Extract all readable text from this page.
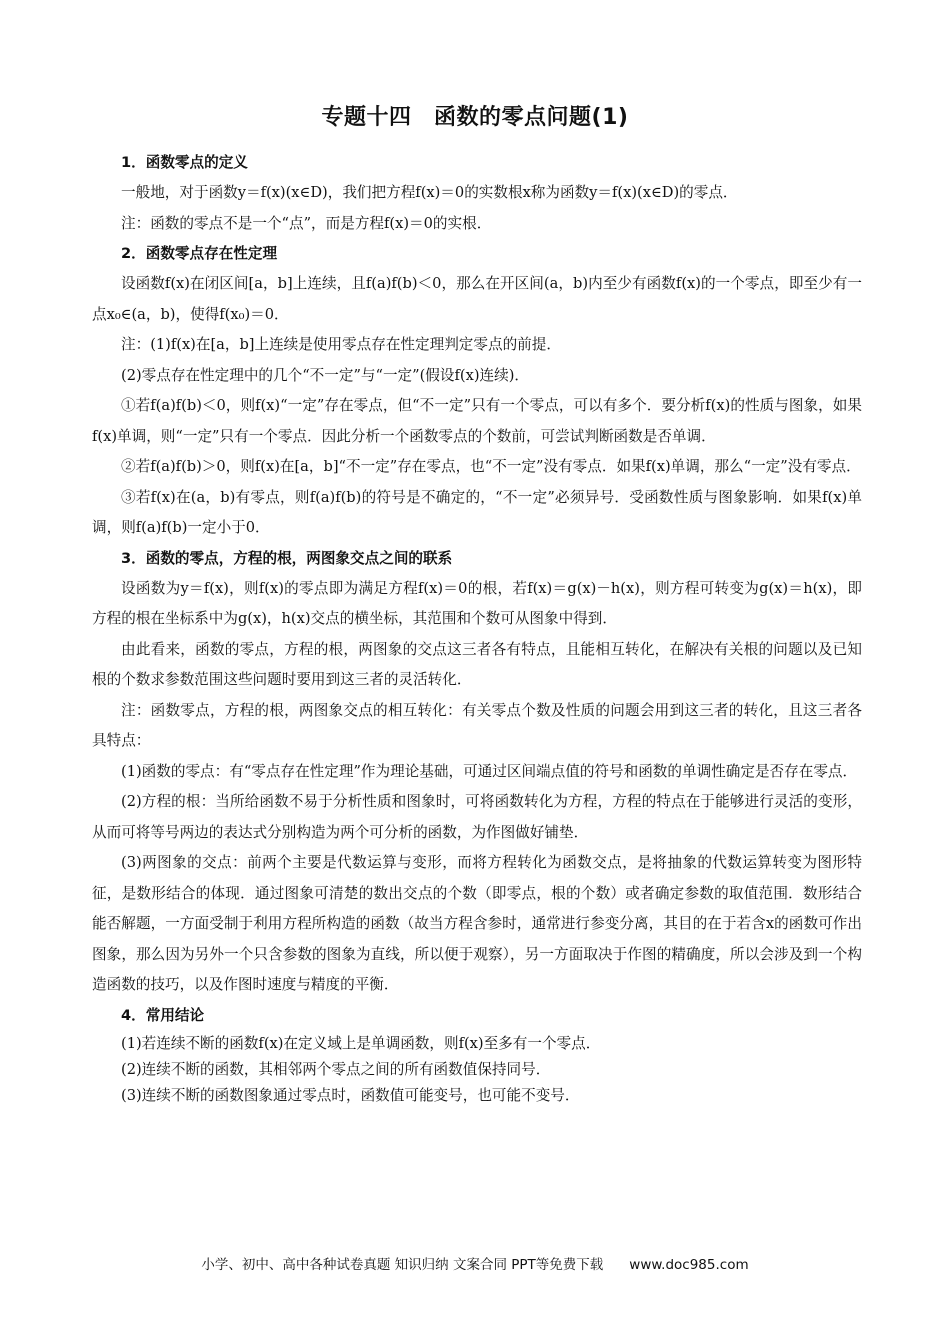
专题十四　函数的零点问题(1)
1．函数零点的定义
一般地，对于函数y＝f(x)(x∈D)，我们把方程f(x)＝0的实数根x称为函数y＝f(x)(x∈D)的零点．
注：函数的零点不是一个“点”，而是方程f(x)＝0的实根．
2．函数零点存在性定理
设函数f(x)在闭区间[a，b]上连续，且f(a)f(b)＜0，那么在开区间(a，b)内至少有函数f(x)的一个零点，即至少有一点x₀∈(a，b)，使得f(x₀)＝0．
注：(1)f(x)在[a，b]上连续是使用零点存在性定理判定零点的前提．
(2)零点存在性定理中的几个“不一定”与“一定”(假设f(x)连续)．
①若f(a)f(b)＜0，则f(x)“一定”存在零点，但“不一定”只有一个零点，可以有多个．要分析f(x)的性质与图象，如果f(x)单调，则“一定”只有一个零点．因此分析一个函数零点的个数前，可尝试判断函数是否单调．
②若f(a)f(b)＞0，则f(x)在[a，b]“不一定”存在零点，也“不一定”没有零点．如果f(x)单调，那么“一定”没有零点．
③若f(x)在(a，b)有零点，则f(a)f(b)的符号是不确定的，“不一定”必须异号．受函数性质与图象影响．如果f(x)单调，则f(a)f(b)一定小于0．
3．函数的零点，方程的根，两图象交点之间的联系
设函数为y＝f(x)，则f(x)的零点即为满足方程f(x)＝0的根，若f(x)＝g(x)－h(x)，则方程可转变为g(x)＝h(x)，即方程的根在坐标系中为g(x)，h(x)交点的横坐标，其范围和个数可从图象中得到．
由此看来，函数的零点，方程的根，两图象的交点这三者各有特点，且能相互转化，在解决有关根的问题以及已知根的个数求参数范围这些问题时要用到这三者的灵活转化．
注：函数零点，方程的根，两图象交点的相互转化：有关零点个数及性质的问题会用到这三者的转化，且这三者各具特点：
(1)函数的零点：有“零点存在性定理”作为理论基础，可通过区间端点值的符号和函数的单调性确定是否存在零点．
(2)方程的根：当所给函数不易于分析性质和图象时，可将函数转化为方程，方程的特点在于能够进行灵活的变形，从而可将等号两边的表达式分别构造为两个可分析的函数，为作图做好铺垫．
(3)两图象的交点：前两个主要是代数运算与变形，而将方程转化为函数交点，是将抽象的代数运算转变为图形特征，是数形结合的体现．通过图象可清楚的数出交点的个数（即零点，根的个数）或者确定参数的取值范围．数形结合能否解题，一方面受制于利用方程所构造的函数（故当方程含参时，通常进行参变分离，其目的在于若含x的函数可作出图象，那么因为另外一个只含参数的图象为直线，所以便于观察），另一方面取决于作图的精确度，所以会涉及到一个构造函数的技巧，以及作图时速度与精度的平衡．
4．常用结论
(1)若连续不断的函数f(x)在定义域上是单调函数，则f(x)至多有一个零点．
(2)连续不断的函数，其相邻两个零点之间的所有函数值保持同号．
(3)连续不断的函数图象通过零点时，函数值可能变号，也可能不变号．
小学、初中、高中各种试卷真题 知识归纳 文案合同 PPT等免费下载 www.doc985.com
